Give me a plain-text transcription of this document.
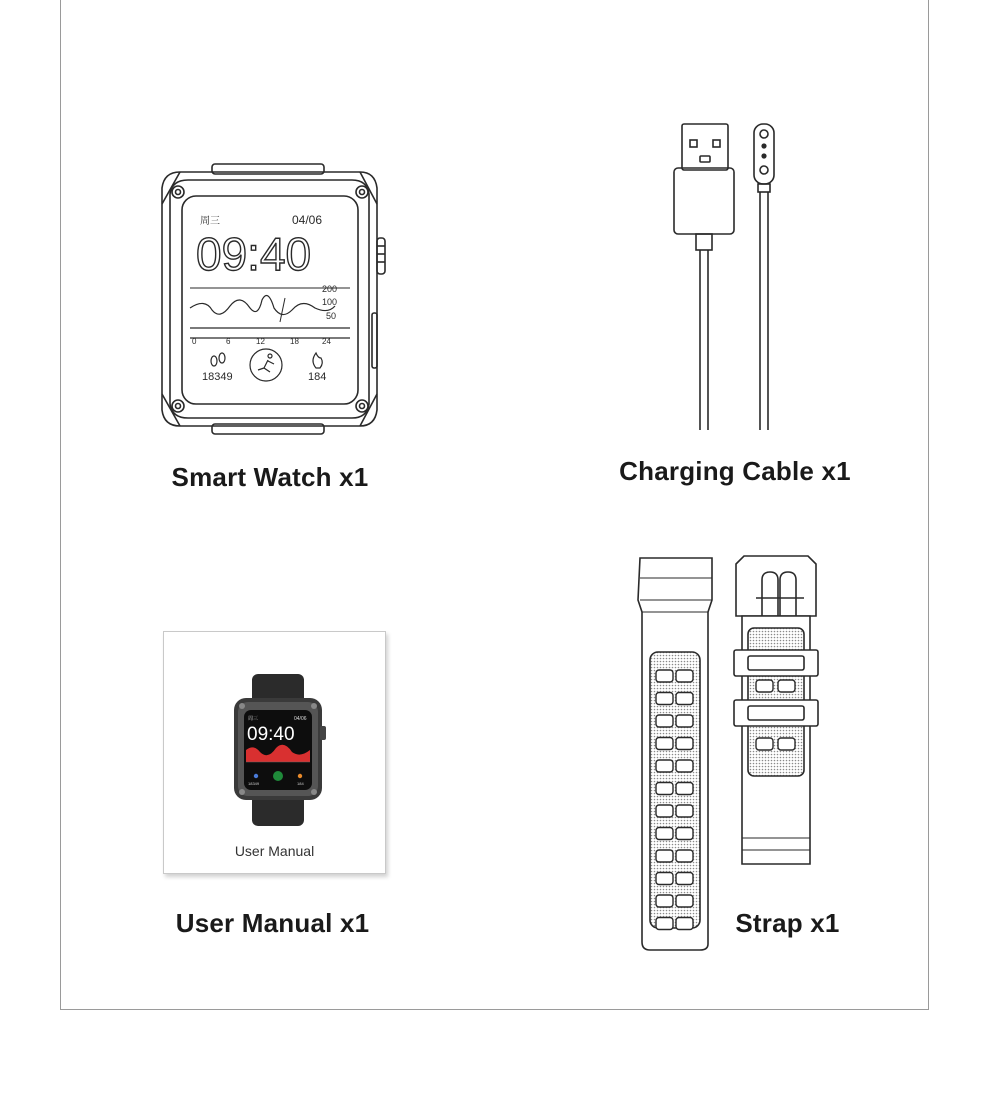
周三	04/06
09:40
200
100
50
0	6	12	18	24
18349	184
Smart Watch x1	Charging Cable x1
周三	04/06
09:40
18349	184
User Manual
User Manual x1	Strap x1
